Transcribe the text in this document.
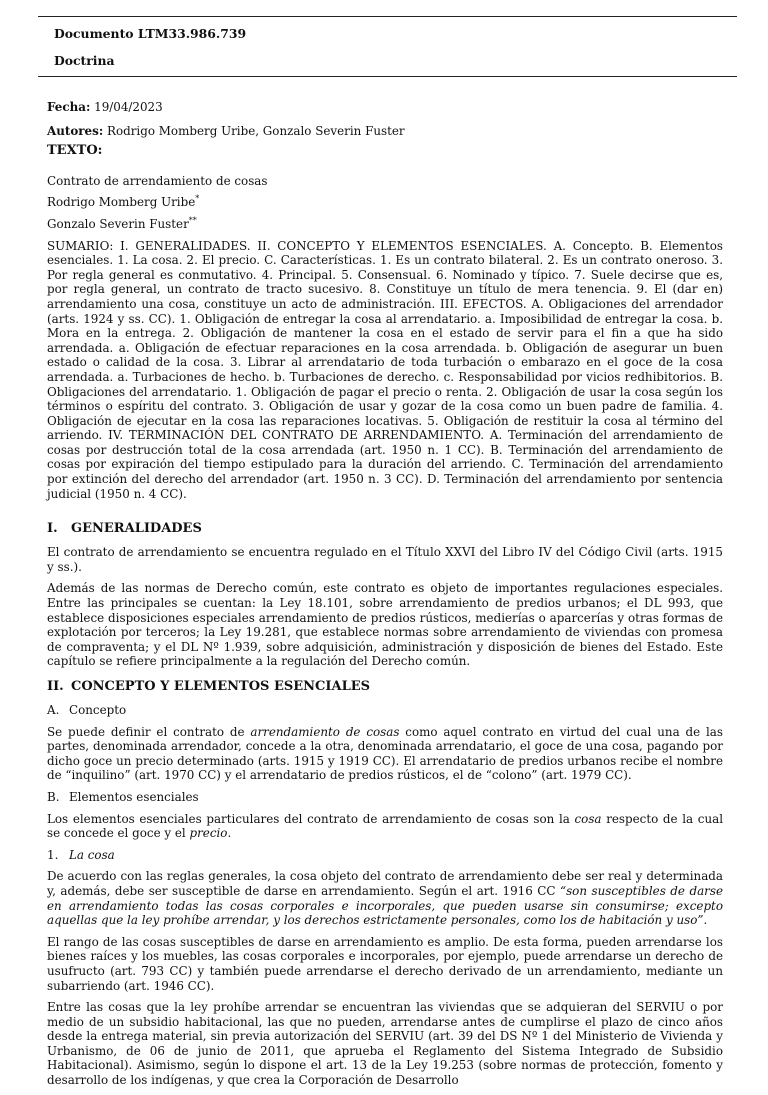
Documento LTM33.986.739
Doctrina

Fecha: 19/04/2023

Autores: Rodrigo Momberg Uribe, Gonzalo Severin Fuster

TEXTO:

Contrato de arrendamiento de cosas

Rodrigo Momberg Uribe*

Gonzalo Severin Fuster**

SUMARIO: I. GENERALIDADES. II. CONCEPTO Y ELEMENTOS ESENCIALES. A. Concepto. B. Elementos esenciales. 1. La cosa. 2. El precio. C. Características. 1. Es un contrato bilateral. 2. Es un contrato oneroso. 3. Por regla general es conmutativo. 4. Principal. 5. Consensual. 6. Nominado y típico. 7. Suele decirse que es, por regla general, un contrato de tracto sucesivo. 8. Constituye un título de mera tenencia. 9. El (dar en) arrendamiento una cosa, constituye un acto de administración. III. EFECTOS. A. Obligaciones del arrendador (arts. 1924 y ss. CC). 1. Obligación de entregar la cosa al arrendatario. a. Imposibilidad de entregar la cosa. b. Mora en la entrega. 2. Obligación de mantener la cosa en el estado de servir para el fin a que ha sido arrendada. a. Obligación de efectuar reparaciones en la cosa arrendada. b. Obligación de asegurar un buen estado o calidad de la cosa. 3. Librar al arrendatario de toda turbación o embarazo en el goce de la cosa arrendada. a. Turbaciones de hecho. b. Turbaciones de derecho. c. Responsabilidad por vicios redhibitorios. B. Obligaciones del arrendatario. 1. Obligación de pagar el precio o renta. 2. Obligación de usar la cosa según los términos o espíritu del contrato. 3. Obligación de usar y gozar de la cosa como un buen padre de familia. 4. Obligación de ejecutar en la cosa las reparaciones locativas. 5. Obligación de restituir la cosa al término del arriendo. IV. TERMINACIÓN DEL CONTRATO DE ARRENDAMIENTO. A. Terminación del arrendamiento de cosas por destrucción total de la cosa arrendada (art. 1950 n. 1 CC). B. Terminación del arrendamiento de cosas por expiración del tiempo estipulado para la duración del arriendo. C. Terminación del arrendamiento por extinción del derecho del arrendador (art. 1950 n. 3 CC). D. Terminación del arrendamiento por sentencia judicial (1950 n. 4 CC).

I. GENERALIDADES

El contrato de arrendamiento se encuentra regulado en el Título XXVI del Libro IV del Código Civil (arts. 1915 y ss.).

Además de las normas de Derecho común, este contrato es objeto de importantes regulaciones especiales. Entre las principales se cuentan: la Ley 18.101, sobre arrendamiento de predios urbanos; el DL 993, que establece disposiciones especiales arrendamiento de predios rústicos, medierías o aparcerías y otras formas de explotación por terceros; la Ley 19.281, que establece normas sobre arrendamiento de viviendas con promesa de compraventa; y el DL Nº 1.939, sobre adquisición, administración y disposición de bienes del Estado. Este capítulo se refiere principalmente a la regulación del Derecho común.

II. CONCEPTO Y ELEMENTOS ESENCIALES

A. Concepto

Se puede definir el contrato de arrendamiento de cosas como aquel contrato en virtud del cual una de las partes, denominada arrendador, concede a la otra, denominada arrendatario, el goce de una cosa, pagando por dicho goce un precio determinado (arts. 1915 y 1919 CC). El arrendatario de predios urbanos recibe el nombre de “inquilino” (art. 1970 CC) y el arrendatario de predios rústicos, el de “colono” (art. 1979 CC).

B. Elementos esenciales

Los elementos esenciales particulares del contrato de arrendamiento de cosas son la cosa respecto de la cual se concede el goce y el precio.

1. La cosa

De acuerdo con las reglas generales, la cosa objeto del contrato de arrendamiento debe ser real y determinada y, además, debe ser susceptible de darse en arrendamiento. Según el art. 1916 CC “son susceptibles de darse en arrendamiento todas las cosas corporales e incorporales, que pueden usarse sin consumirse; excepto aquellas que la ley prohíbe arrendar, y los derechos estrictamente personales, como los de habitación y uso”.

El rango de las cosas susceptibles de darse en arrendamiento es amplio. De esta forma, pueden arrendarse los bienes raíces y los muebles, las cosas corporales e incorporales, por ejemplo, puede arrendarse un derecho de usufructo (art. 793 CC) y también puede arrendarse el derecho derivado de un arrendamiento, mediante un subarriendo (art. 1946 CC).

Entre las cosas que la ley prohíbe arrendar se encuentran las viviendas que se adquieran del SERVIU o por medio de un subsidio habitacional, las que no pueden, arrendarse antes de cumplirse el plazo de cinco años desde la entrega material, sin previa autorización del SERVIU (art. 39 del DS Nº 1 del Ministerio de Vivienda y Urbanismo, de 06 de junio de 2011, que aprueba el Reglamento del Sistema Integrado de Subsidio Habitacional). Asimismo, según lo dispone el art. 13 de la Ley 19.253 (sobre normas de protección, fomento y desarrollo de los indígenas, y que crea la Corporación de Desarrollo
